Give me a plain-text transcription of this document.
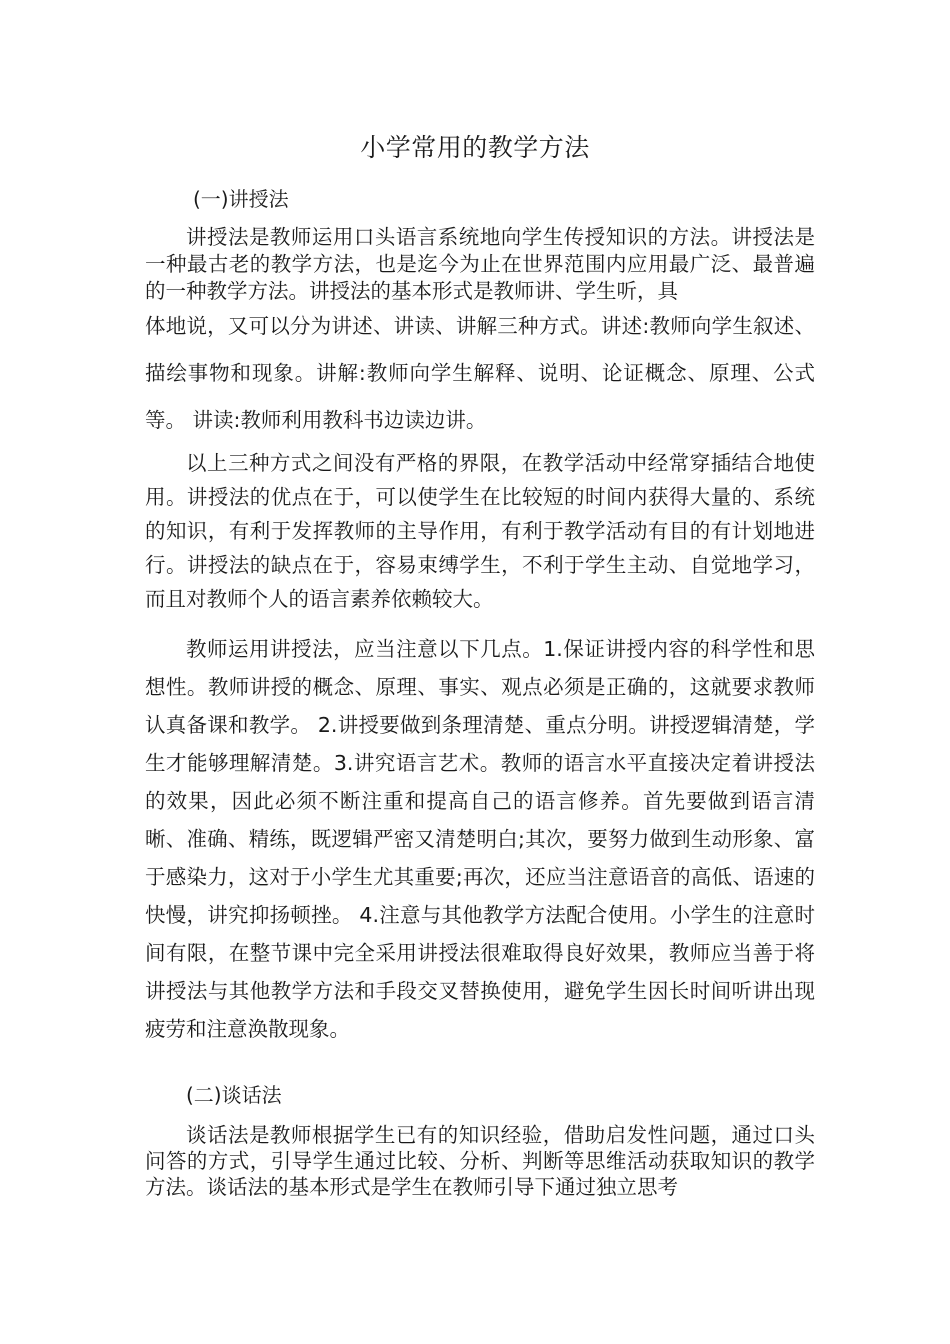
小学常用的教学方法
(一)讲授法

讲授法是教师运用口头语言系统地向学生传授知识的方法。讲授法是一种最古老的教学方法，也是迄今为止在世界范围内应用最广泛、最普遍的一种教学方法。讲授法的基本形式是教师讲、学生听，具

体地说，又可以分为讲述、讲读、讲解三种方式。讲述:教师向学生叙述、描绘事物和现象。讲解:教师向学生解释、说明、论证概念、原理、公式等。 讲读:教师利用教科书边读边讲。

以上三种方式之间没有严格的界限，在教学活动中经常穿插结合地使用。讲授法的优点在于，可以使学生在比较短的时间内获得大量的、系统的知识，有利于发挥教师的主导作用，有利于教学活动有目的有计划地进行。讲授法的缺点在于，容易束缚学生，不利于学生主动、自觉地学习，而且对教师个人的语言素养依赖较大。

教师运用讲授法，应当注意以下几点。1.保证讲授内容的科学性和思想性。教师讲授的概念、原理、事实、观点必须是正确的，这就要求教师认真备课和教学。 2.讲授要做到条理清楚、重点分明。讲授逻辑清楚，学生才能够理解清楚。3.讲究语言艺术。教师的语言水平直接决定着讲授法的效果，因此必须不断注重和提高自己的语言修养。首先要做到语言清晰、准确、精练，既逻辑严密又清楚明白;其次，要努力做到生动形象、富于感染力，这对于小学生尤其重要;再次，还应当注意语音的高低、语速的快慢，讲究抑扬顿挫。 4.注意与其他教学方法配合使用。小学生的注意时间有限，在整节课中完全采用讲授法很难取得良好效果，教师应当善于将讲授法与其他教学方法和手段交叉替换使用，避免学生因长时间听讲出现疲劳和注意涣散现象。

(二)谈话法

谈话法是教师根据学生已有的知识经验，借助启发性问题，通过口头问答的方式，引导学生通过比较、分析、判断等思维活动获取知识的教学方法。谈话法的基本形式是学生在教师引导下通过独立思考
